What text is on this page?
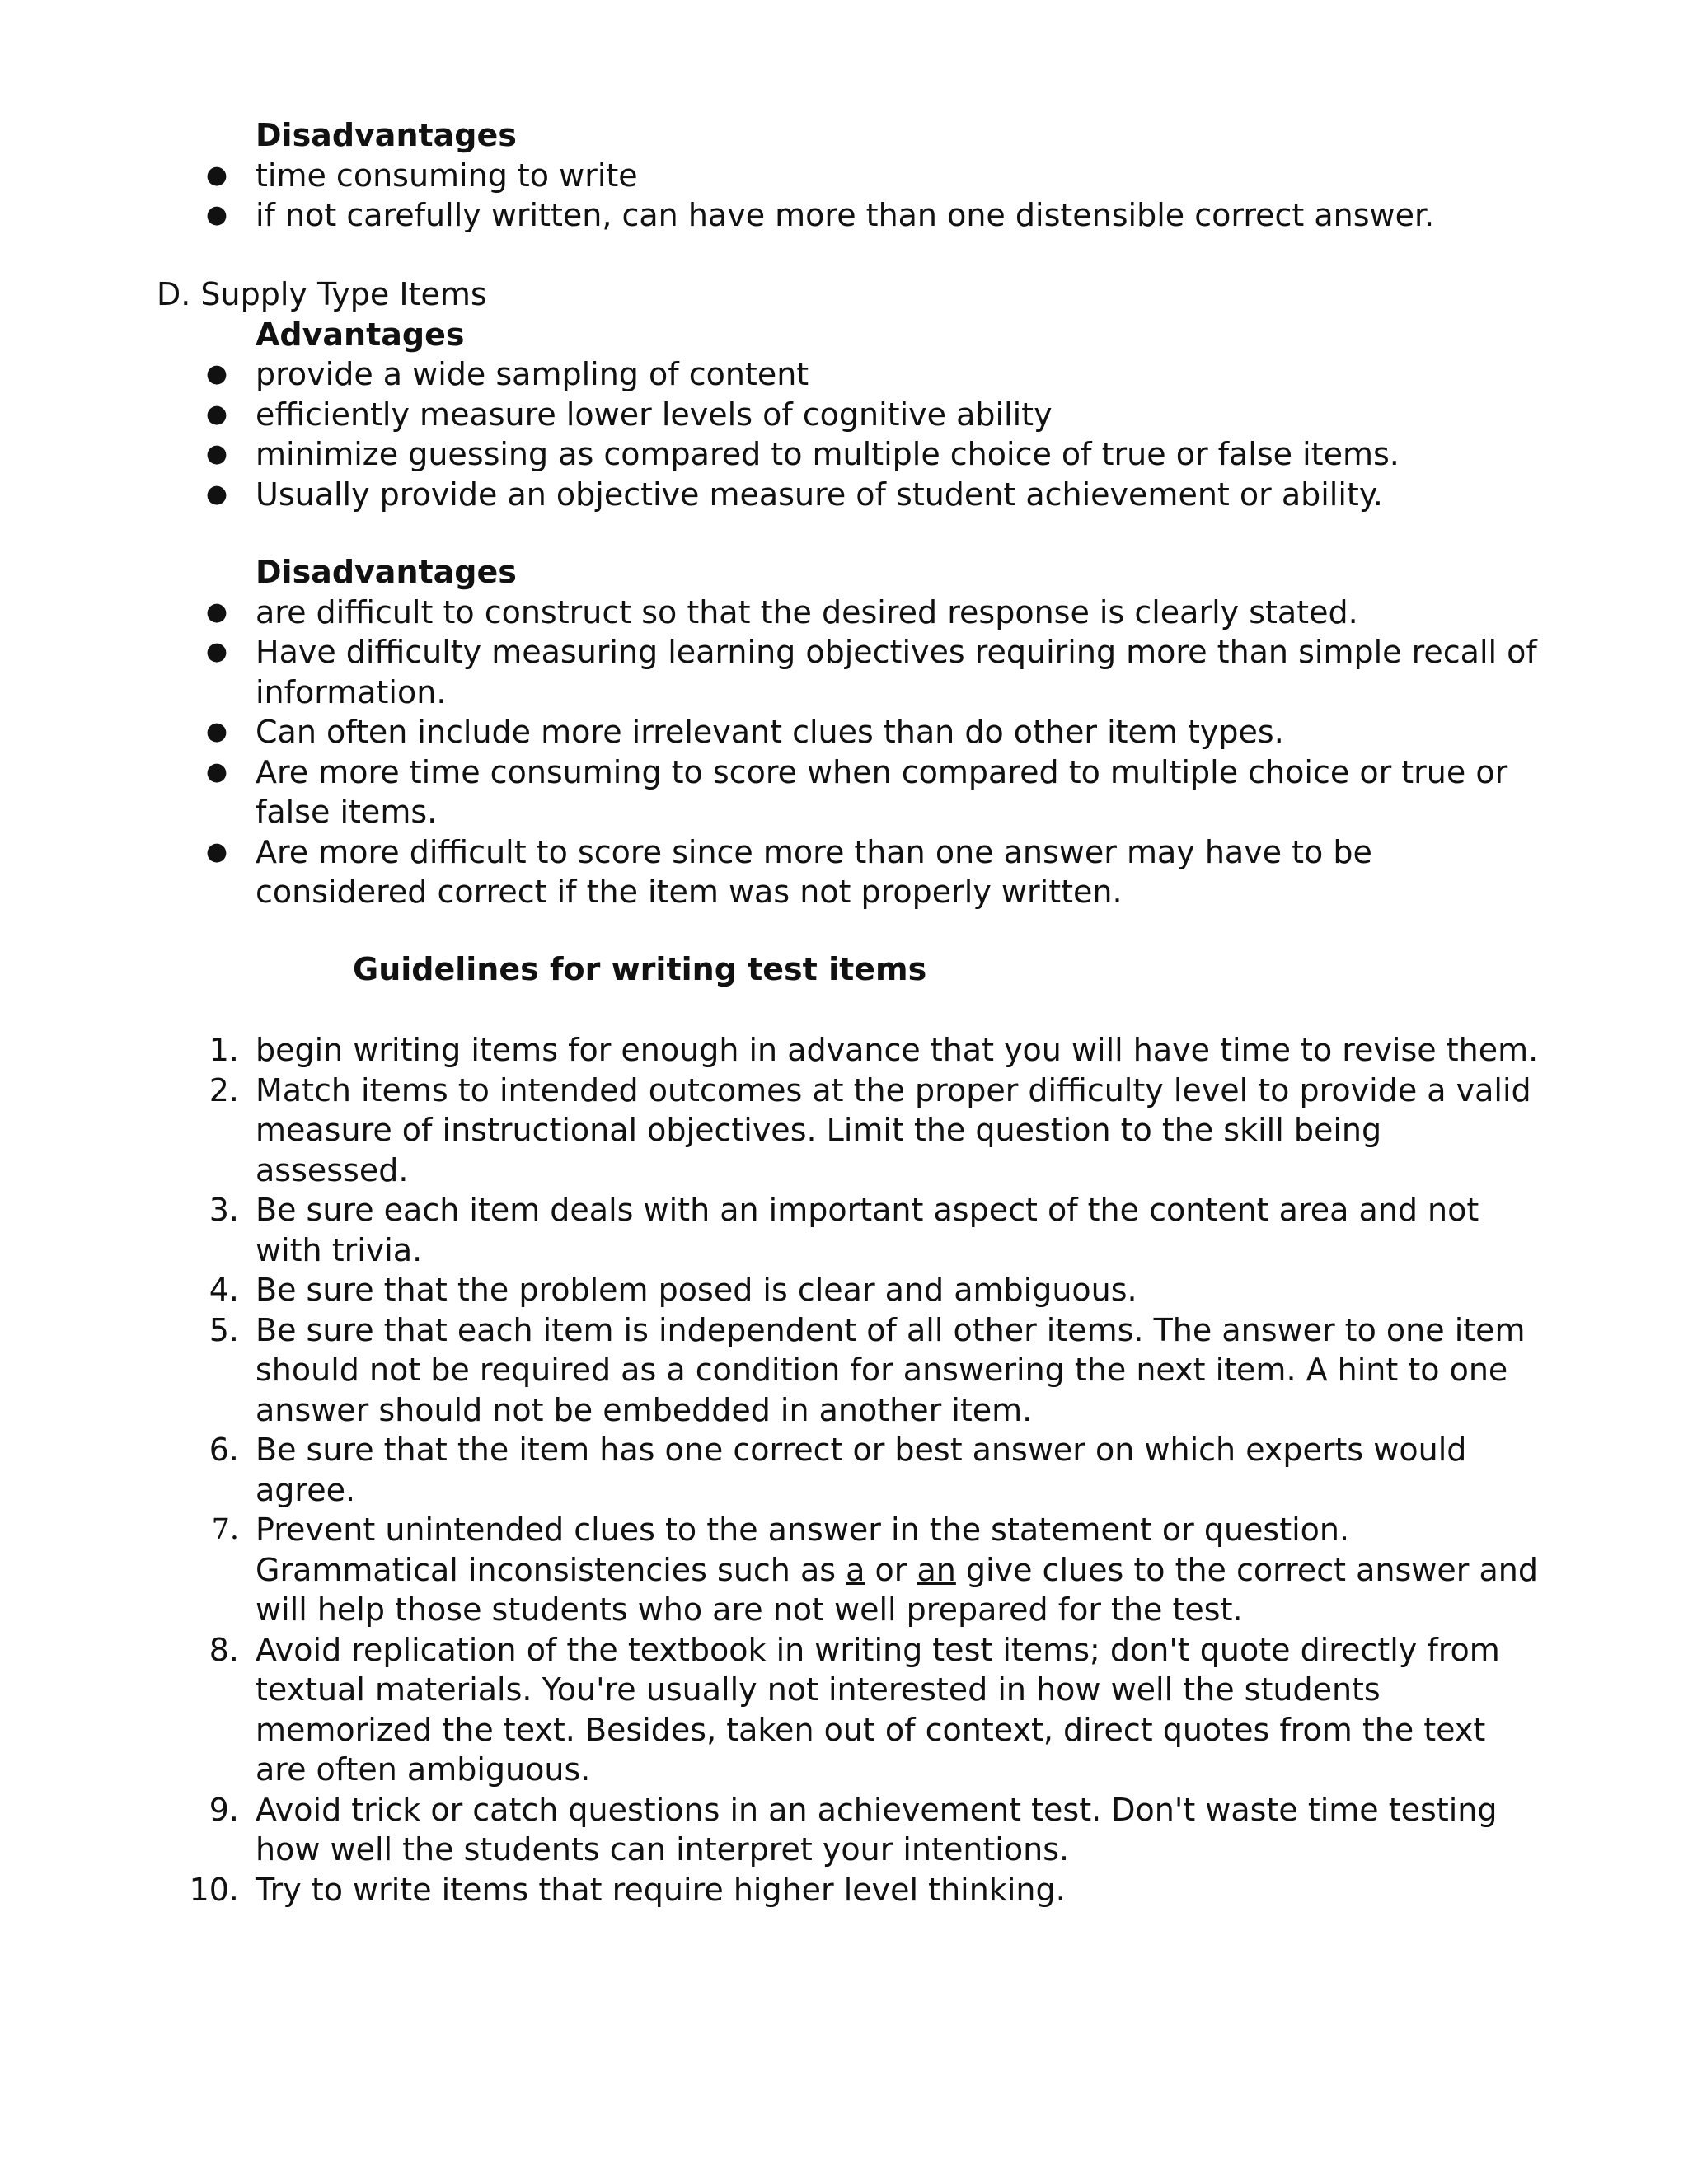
Disadvantages
● time consuming to write
● if not carefully written, can have more than one distensible correct answer.
D. Supply Type Items
Advantages
● provide a wide sampling of content
● efficiently measure lower levels of cognitive ability
● minimize guessing as compared to multiple choice of true or false items.
● Usually provide an objective measure of student achievement or ability.
Disadvantages
● are difficult to construct so that the desired response is clearly stated.
● Have difficulty measuring learning objectives requiring more than simple recall of information.
● Can often include more irrelevant clues than do other item types.
● Are more time consuming to score when compared to multiple choice or true or false items.
● Are more difficult to score since more than one answer may have to be considered correct if the item was not properly written.
Guidelines for writing test items
1. begin writing items for enough in advance that you will have time to revise them.
2. Match items to intended outcomes at the proper difficulty level to provide a valid measure of instructional objectives. Limit the question to the skill being assessed.
3. Be sure each item deals with an important aspect of the content area and not with trivia.
4. Be sure that the problem posed is clear and ambiguous.
5. Be sure that each item is independent of all other items. The answer to one item should not be required as a condition for answering the next item. A hint to one answer should not be embedded in another item.
6. Be sure that the item has one correct or best answer on which experts would agree.
7. Prevent unintended clues to the answer in the statement or question. Grammatical inconsistencies such as a or an give clues to the correct answer and will help those students who are not well prepared for the test.
8. Avoid replication of the textbook in writing test items; don't quote directly from textual materials. You're usually not interested in how well the students memorized the text. Besides, taken out of context, direct quotes from the text are often ambiguous.
9. Avoid trick or catch questions in an achievement test. Don't waste time testing how well the students can interpret your intentions.
10. Try to write items that require higher level thinking.
